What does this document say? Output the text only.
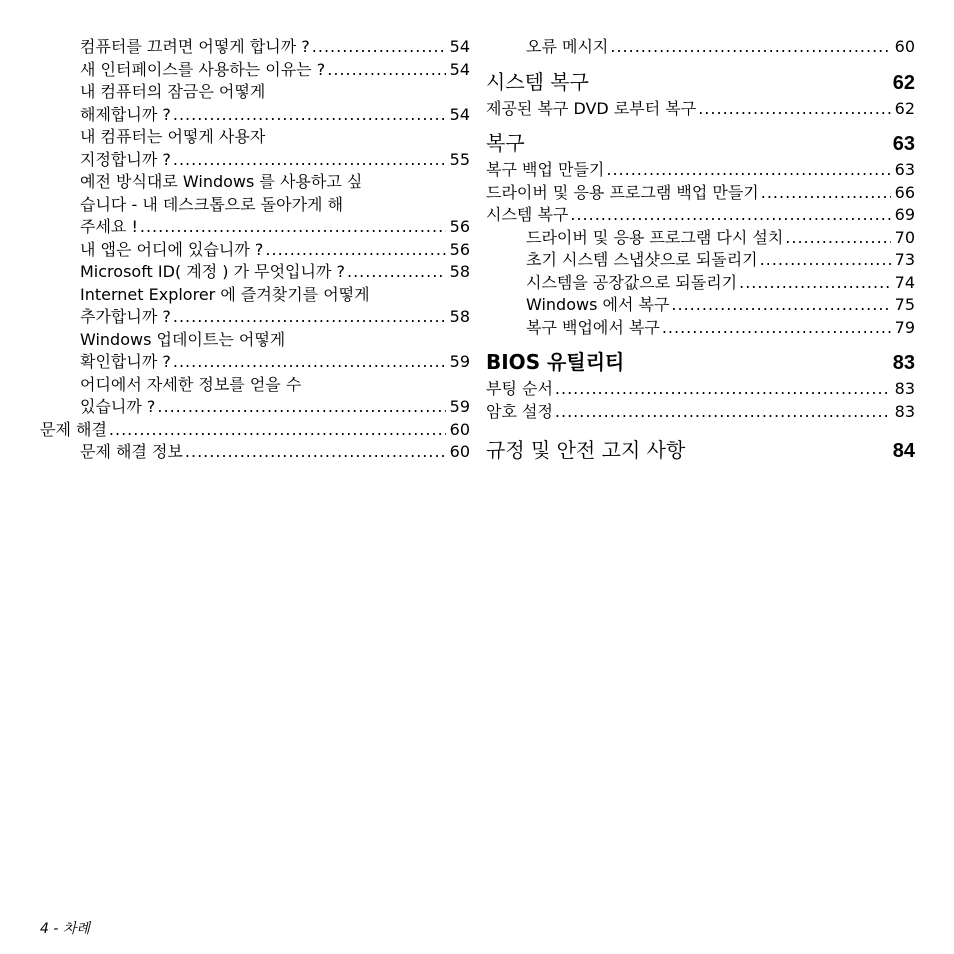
컴퓨터를 끄려면 어떻게 합니까 ? .....	54
새 인터페이스를 사용하는 이유는 ? .....	54
내 컴퓨터의 잠금은 어떻게
해제합니까 ? .....	54
내 컴퓨터는 어떻게 사용자
지정합니까 ? .....	55
예전 방식대로 Windows 를 사용하고 싶
습니다 - 내 데스크톱으로 돌아가게 해
주세요 ! .....	56
내 앱은 어디에 있습니까 ? .....	56
Microsoft ID( 계정 ) 가 무엇입니까 ? .....	58
Internet Explorer 에 즐겨찾기를 어떻게
추가합니까 ? .....	58
Windows 업데이트는 어떻게
확인합니까 ? .....	59
어디에서 자세한 정보를 얻을 수
있습니까 ? .....	59
문제 해결 .....	60
문제 해결 정보 .....	60
오류 메시지 .....	60
시스템 복구	62
제공된 복구 DVD 로부터 복구 .....	62
복구	63
복구 백업 만들기 .....	63
드라이버 및 응용 프로그램 백업 만들기 .....	66
시스템 복구 .....	69
드라이버 및 응용 프로그램 다시 설치 .....	70
초기 시스템 스냅샷으로 되돌리기 .....	73
시스템을 공장값으로 되돌리기 .....	74
Windows 에서 복구 .....	75
복구 백업에서 복구 .....	79
BIOS 유틸리티	83
부팅 순서 .....	83
암호 설정 .....	83
규정 및 안전 고지 사항	84
4 - 차례
